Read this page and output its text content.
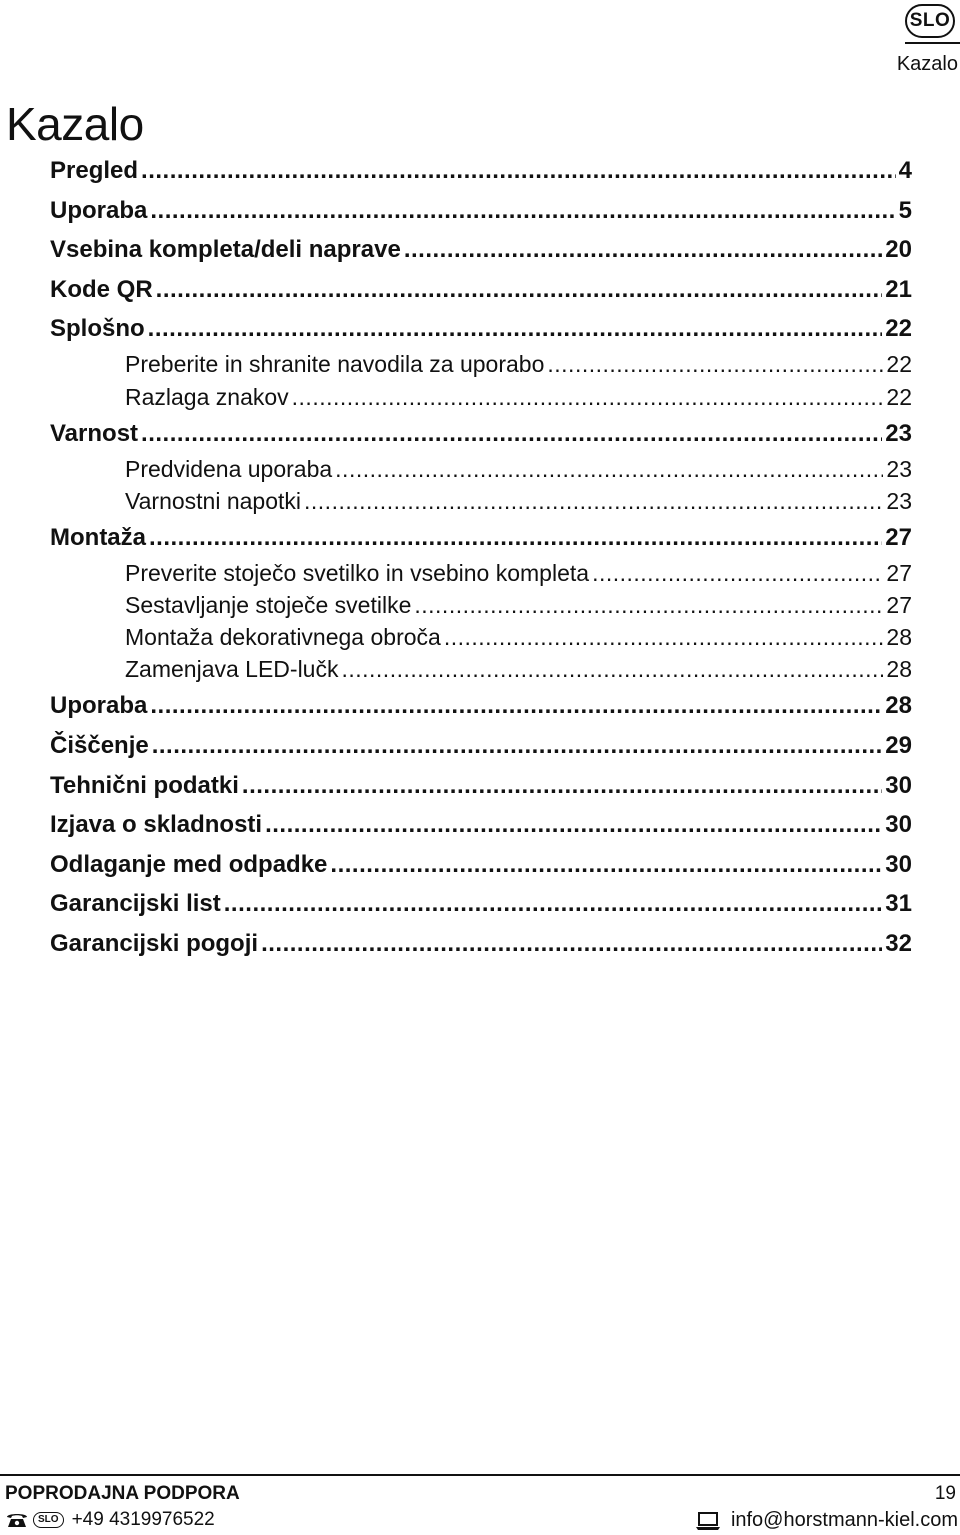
SLO
Kazalo
Kazalo
Pregled .....	4
Uporaba .....	5
Vsebina kompleta/deli naprave .....	20
Kode QR .....	21
Splošno .....	22
Preberite in shranite navodila za uporabo .....	22
Razlaga znakov .....	22
Varnost .....	23
Predvidena uporaba .....	23
Varnostni napotki .....	23
Montaža .....	27
Preverite stoječo svetilko in vsebino kompleta .....	27
Sestavljanje stoječe svetilke .....	27
Montaža dekorativnega obroča .....	28
Zamenjava LED-lučk .....	28
Uporaba .....	28
Čiščenje .....	29
Tehnični podatki .....	30
Izjava o skladnosti .....	30
Odlaganje med odpadke .....	30
Garancijski list .....	31
Garancijski pogoji .....	32
POPRODAJNA PODPORA	19
SLO +49 4319976522	info@horstmann-kiel.com
